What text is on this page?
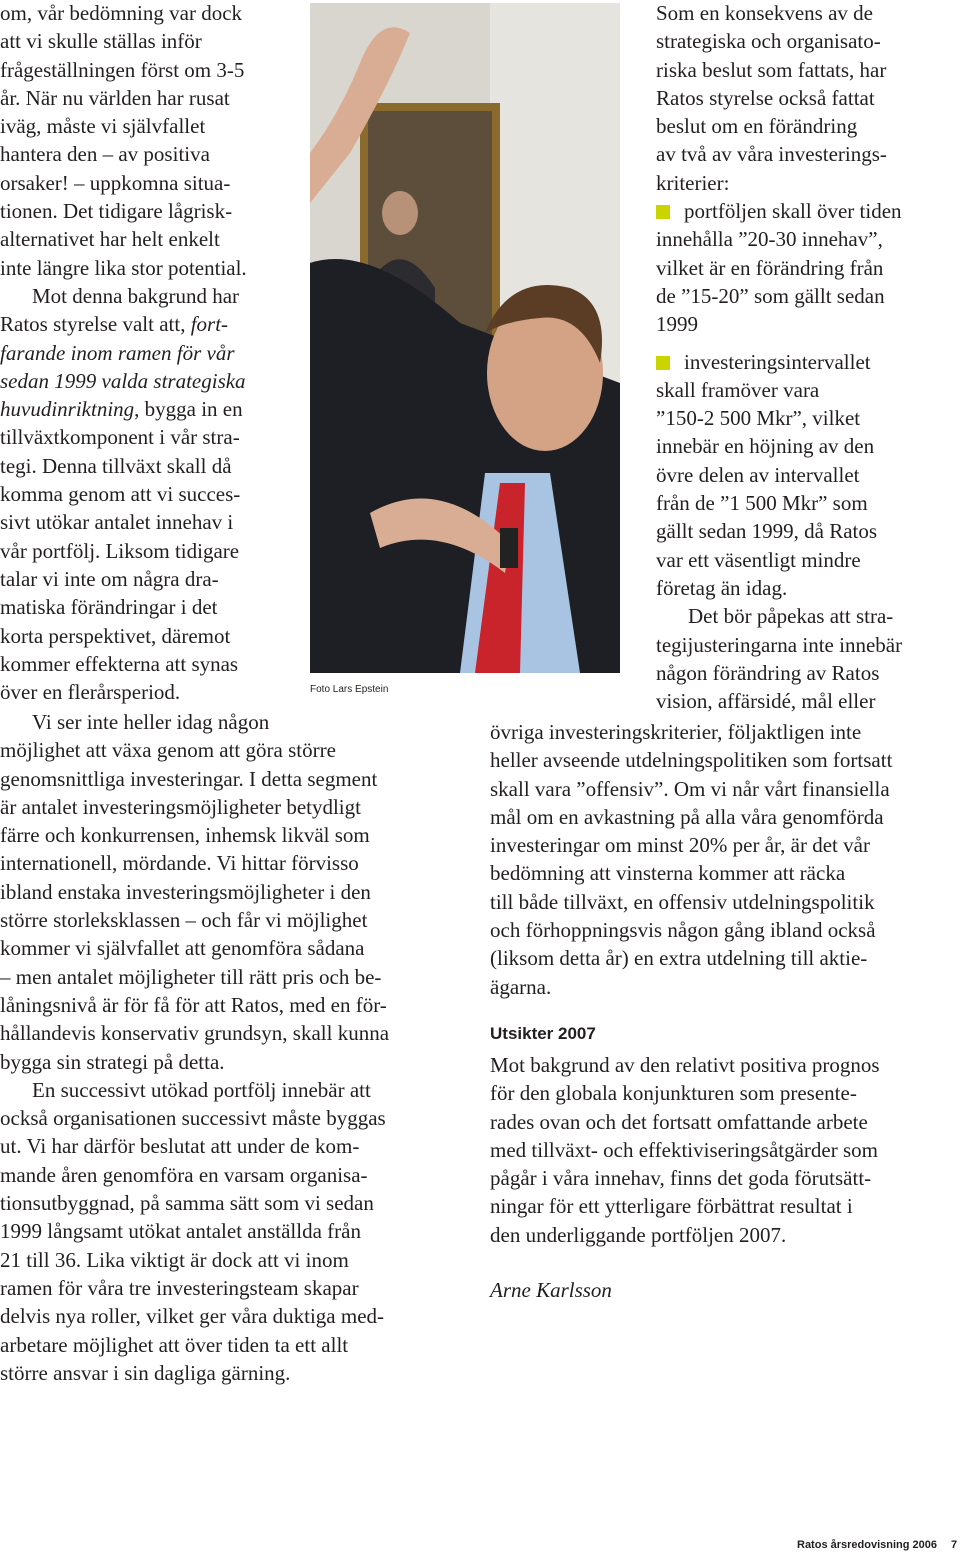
om, vår bedömning var dock
att vi skulle ställas inför
frågeställningen först om 3-5
år. När nu världen har rusat
iväg, måste vi självfallet
hantera den – av positiva
orsaker! – uppkomna situa-
tionen. Det tidigare lågrisk-
alternativet har helt enkelt
inte längre lika stor potential.
Mot denna bakgrund har
Ratos styrelse valt att, fort-
farande inom ramen för vår
sedan 1999 valda strategiska
huvudinriktning, bygga in en
tillväxtkomponent i vår stra-
tegi. Denna tillväxt skall då
komma genom att vi succes-
sivt utökar antalet innehav i
vår portfölj. Liksom tidigare
talar vi inte om några dra-
matiska förändringar i det
korta perspektivet, däremot
kommer effekterna att synas
över en flerårsperiod.	Foto Lars Epstein
Vi ser inte heller idag någon
möjlighet att växa genom att göra större
genomsnittliga investeringar. I detta segment
är antalet investeringsmöjligheter betydligt
färre och konkurrensen, inhemsk likväl som
internationell, mördande. Vi hittar förvisso
ibland enstaka investeringsmöjligheter i den
större storleksklassen – och får vi möjlighet
kommer vi självfallet att genomföra sådana
– men antalet möjligheter till rätt pris och be-
låningsnivå är för få för att Ratos, med en för-
hållandevis konservativ grundsyn, skall kunna
bygga sin strategi på detta.
En successivt utökad portfölj innebär att
också organisationen successivt måste byggas
ut. Vi har därför beslutat att under de kom-
mande åren genomföra en varsam organisa-
tionsutbyggnad, på samma sätt som vi sedan
1999 långsamt utökat antalet anställda från
21 till 36. Lika viktigt är dock att vi inom
ramen för våra tre investeringsteam skapar
delvis nya roller, vilket ger våra duktiga med-
arbetare möjlighet att över tiden ta ett allt
större ansvar i sin dagliga gärning.
Som en konsekvens av de
strategiska och organisato-
riska beslut som fattats, har
Ratos styrelse också fattat
beslut om en förändring
av två av våra investerings-
kriterier:
portföljen skall över tiden
innehålla ”20-30 innehav”,
vilket är en förändring från
de ”15-20” som gällt sedan
1999
investeringsintervallet
skall framöver vara
”150-2 500 Mkr”, vilket
innebär en höjning av den
övre delen av intervallet
från de ”1 500 Mkr” som
gällt sedan 1999, då Ratos
var ett väsentligt mindre
företag än idag.
Det bör påpekas att stra-
tegijusteringarna inte innebär
någon förändring av Ratos
vision, affärsidé, mål eller
övriga investeringskriterier, följaktligen inte
heller avseende utdelningspolitiken som fortsatt
skall vara ”offensiv”. Om vi når vårt finansiella
mål om en avkastning på alla våra genomförda
investeringar om minst 20% per år, är det vår
bedömning att vinsterna kommer att räcka
till både tillväxt, en offensiv utdelningspolitik
och förhoppningsvis någon gång ibland också
(liksom detta år) en extra utdelning till aktie-
ägarna.
Utsikter 2007
Mot bakgrund av den relativt positiva prognos
för den globala konjunkturen som presente-
rades ovan och det fortsatt omfattande arbete
med tillväxt- och effektiviseringsåtgärder som
pågår i våra innehav, finns det goda förutsätt-
ningar för ett ytterligare förbättrat resultat i
den underliggande portföljen 2007.
Arne Karlsson
Ratos årsredovisning 2006 7
